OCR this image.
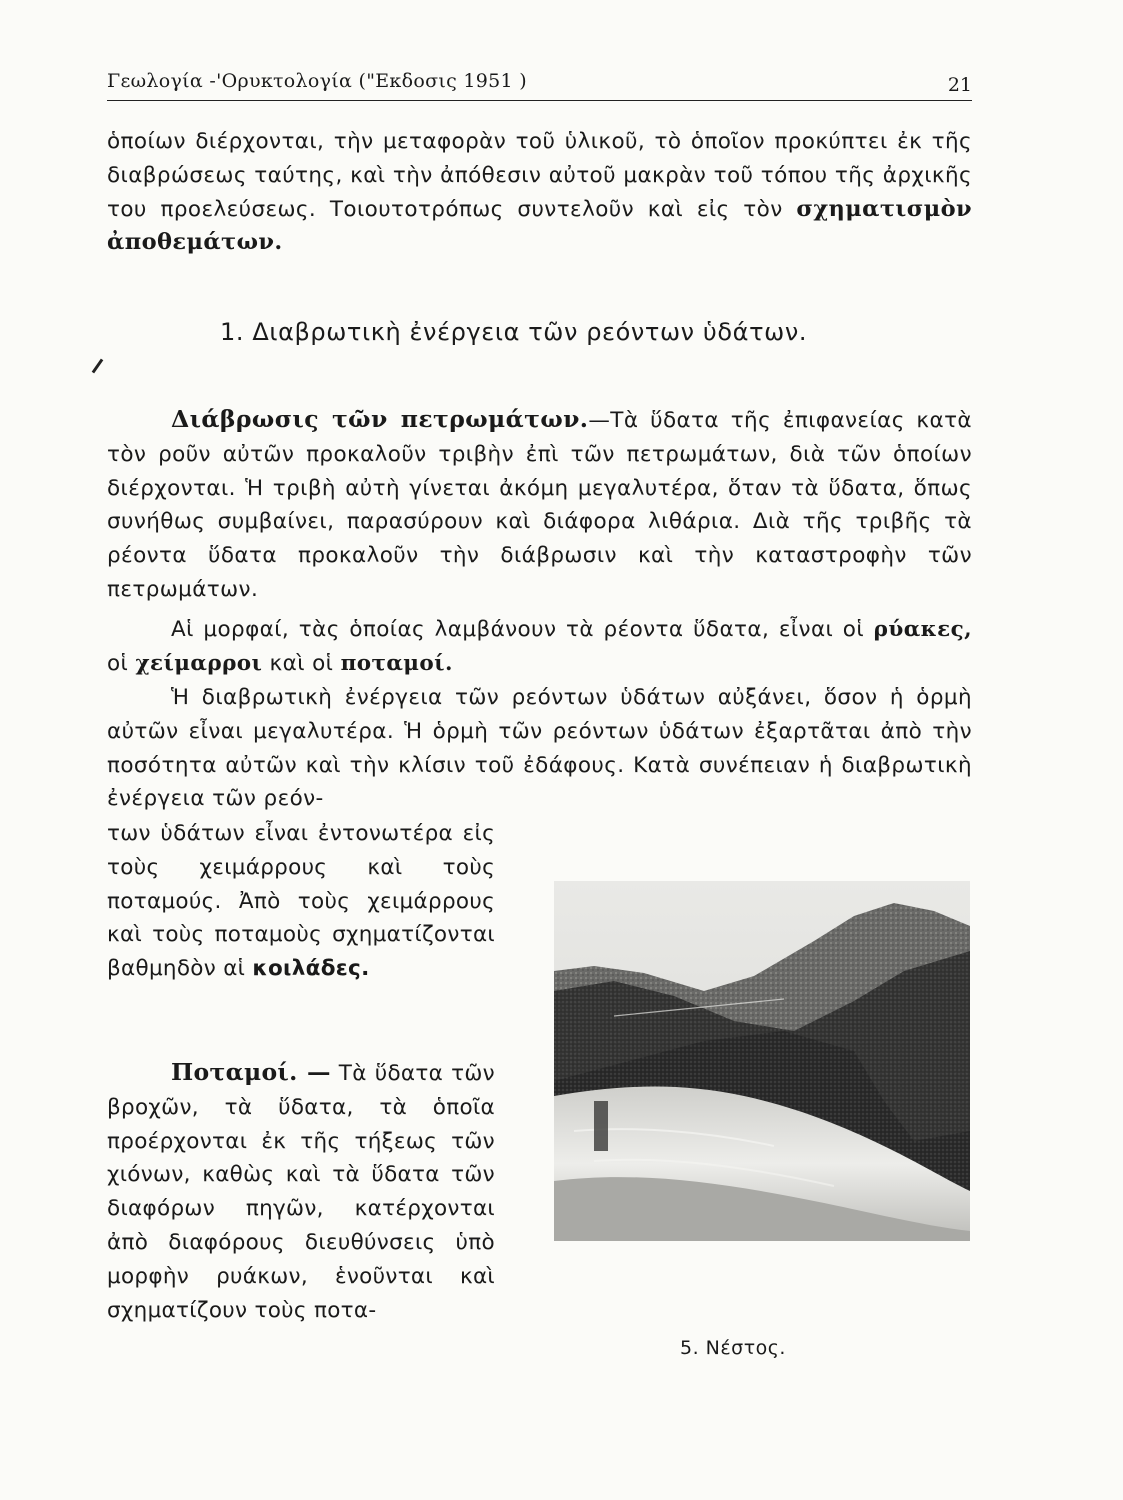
Γεωλογία -'Ορυκτολογία ("Εκδοσις 1951 )	21

ὁποίων διέρχονται, τὴν μεταφορὰν τοῦ ὑλικοῦ, τὸ ὁποῖον προκύπτει ἐκ τῆς διαβρώσεως ταύτης, καὶ τὴν ἀπόθεσιν αὐτοῦ μακρὰν τοῦ τόπου τῆς ἀρχικῆς του προελεύσεως. Τοιουτοτρόπως συντελοῦν καὶ εἰς τὸν σχηματισμὸν ἀποθεμάτων.

1. Διαβρωτικὴ ἐνέργεια τῶν ρεόντων ὑδάτων.

Διάβρωσις τῶν πετρωμάτων.—Τὰ ὕδατα τῆς ἐπιφανείας κατὰ τὸν ροῦν αὐτῶν προκαλοῦν τριβὴν ἐπὶ τῶν πετρωμάτων, διὰ τῶν ὁποίων διέρχονται. Ἡ τριβὴ αὐτὴ γίνεται ἀκόμη μεγαλυτέρα, ὅταν τὰ ὕδατα, ὅπως συνήθως συμβαίνει, παρασύρουν καὶ διάφορα λιθάρια. Διὰ τῆς τριβῆς τὰ ρέοντα ὕδατα προκαλοῦν τὴν διάβρωσιν καὶ τὴν καταστροφὴν τῶν πετρωμάτων.

Αἱ μορφαί, τὰς ὁποίας λαμβάνουν τὰ ρέοντα ὕδατα, εἶναι οἱ ρύακες, οἱ χείμαρροι καὶ οἱ ποταμοί.

Ἡ διαβρωτικὴ ἐνέργεια τῶν ρεόντων ὑδάτων αὐξάνει, ὅσον ἡ ὁρμὴ αὐτῶν εἶναι μεγαλυτέρα. Ἡ ὁρμὴ τῶν ρεόντων ὑδάτων ἐξαρτᾶται ἀπὸ τὴν ποσότητα αὐτῶν καὶ τὴν κλίσιν τοῦ ἐδάφους. Κατὰ συνέπειαν ἡ διαβρωτικὴ ἐνέργεια τῶν ρεόν-

των ὑδάτων εἶναι ἐντονωτέρα εἰς τοὺς χειμάρρους καὶ τοὺς ποταμούς. Ἀπὸ τοὺς χειμάρρους καὶ τοὺς ποταμοὺς σχηματίζονται βαθμηδὸν αἱ κοιλάδες.

Ποταμοί. — Τὰ ὕδατα τῶν βροχῶν, τὰ ὕδατα, τὰ ὁποῖα προέρχονται ἐκ τῆς τήξεως τῶν χιόνων, καθὼς καὶ τὰ ὕδατα τῶν διαφόρων πηγῶν, κατέρχονται ἀπὸ διαφόρους διευθύνσεις ὑπὸ μορφὴν ρυάκων, ἑνοῦνται καὶ σχηματίζουν τοὺς ποτα-

5. Νέστος.
